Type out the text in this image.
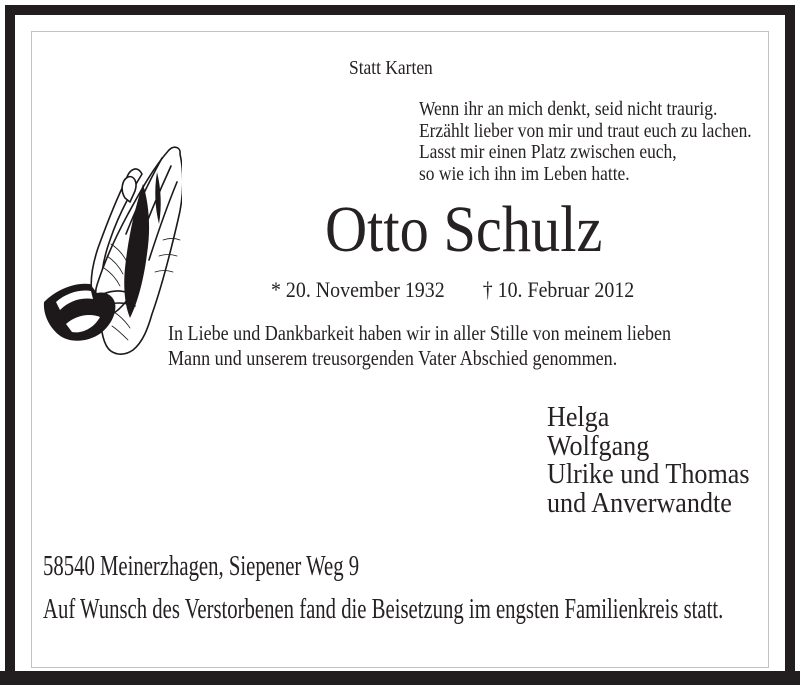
Statt Karten
Wenn ihr an mich denkt, seid nicht traurig.
Erzählt lieber von mir und traut euch zu lachen.
Lasst mir einen Platz zwischen euch,
so wie ich ihn im Leben hatte.
Otto Schulz
* 20. November 1932 † 10. Februar 2012
In Liebe und Dankbarkeit haben wir in aller Stille von meinem lieben
Mann und unserem treusorgenden Vater Abschied genommen.
Helga
Wolfgang
Ulrike und Thomas
und Anverwandte
58540 Meinerzhagen, Siepener Weg 9
Auf Wunsch des Verstorbenen fand die Beisetzung im engsten Familienkreis statt.
